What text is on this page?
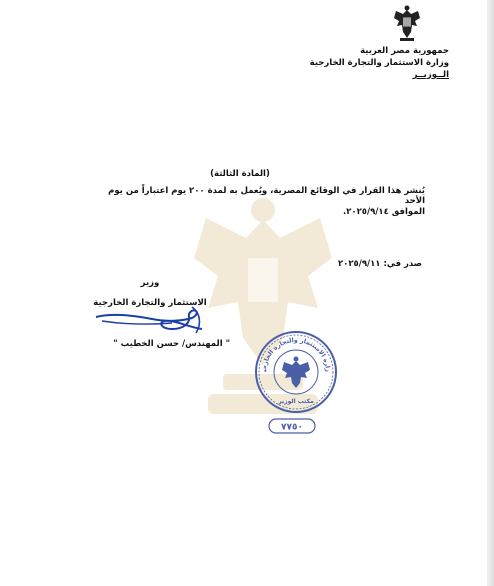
جمهورية مصر العربية
وزارة الاستثمار والتجارة الخارجية
الــوزيــر
(المادة الثالثة)
يُنشر هذا القرار في الوقائع المصرية، ويُعمل به لمدة ٢٠٠ يوم اعتباراً من يوم الأحد
الموافق ٢٠٢٥/٩/١٤.
صدر في: ٢٠٢٥/٩/١١
وزير
الاستثمار والتجارة الخارجية
" المهندس/ حسن الخطيب "
زارة الاستثمار والتجارة الخارجي
مكتب الوزير
٧٧٥٠
